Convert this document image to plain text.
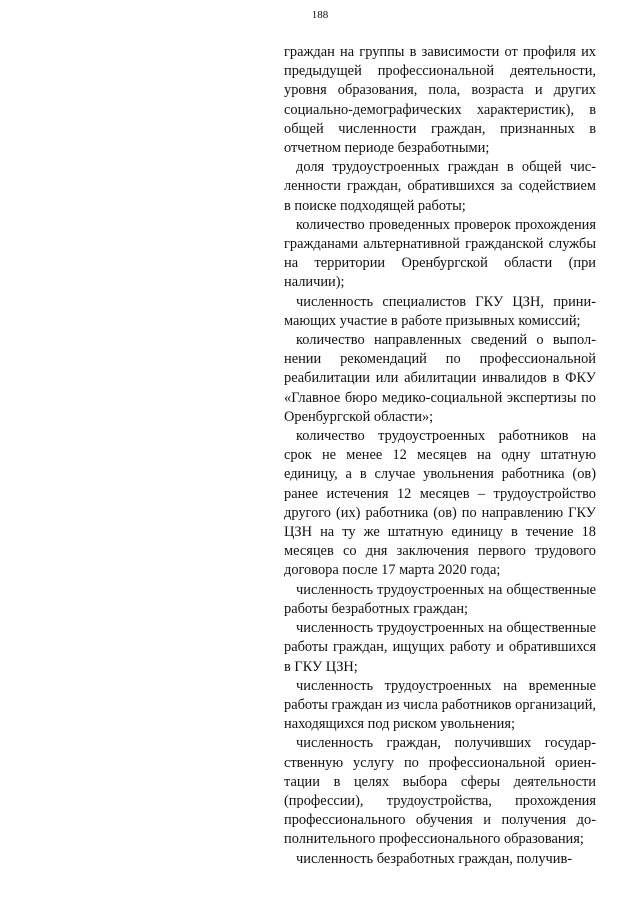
188

граждан на группы в зависимости от профиля их предыдущей профессиональной деятельности, уровня образования, пола, возраста и других социально-демографических характеристик), в общей численности граждан, признанных в отчетном периоде безработными;

доля трудоустроенных граждан в общей численности граждан, обратившихся за содействием в поиске подходящей работы;

количество проведенных проверок прохождения гражданами альтернативной гражданской службы на территории Оренбургской области (при наличии);

численность специалистов ГКУ ЦЗН, принимающих участие в работе призывных комиссий;

количество направленных сведений о выполнении рекомендаций по профессиональной реабилитации или абилитации инвалидов в ФКУ «Главное бюро медико-социальной экспертизы по Оренбургской области»;

количество трудоустроенных работников на срок не менее 12 месяцев на одну штатную единицу, а в случае увольнения работника (ов) ранее истечения 12 месяцев – трудоустройство другого (их) работника (ов) по направлению ГКУ ЦЗН на ту же штатную единицу в течение 18 месяцев со дня заключения первого трудового договора после 17 марта 2020 года;

численность трудоустроенных на общественные работы безработных граждан;

численность трудоустроенных на общественные работы граждан, ищущих работу и обратившихся в ГКУ ЦЗН;

численность трудоустроенных на временные работы граждан из числа работников организаций, находящихся под риском увольнения;

численность граждан, получивших государственную услугу по профессиональной ориентации в целях выбора сферы деятельности (профессии), трудоустройства, прохождения профессионального обучения и получения дополнительного профессионального образования;

численность безработных граждан, получив-
